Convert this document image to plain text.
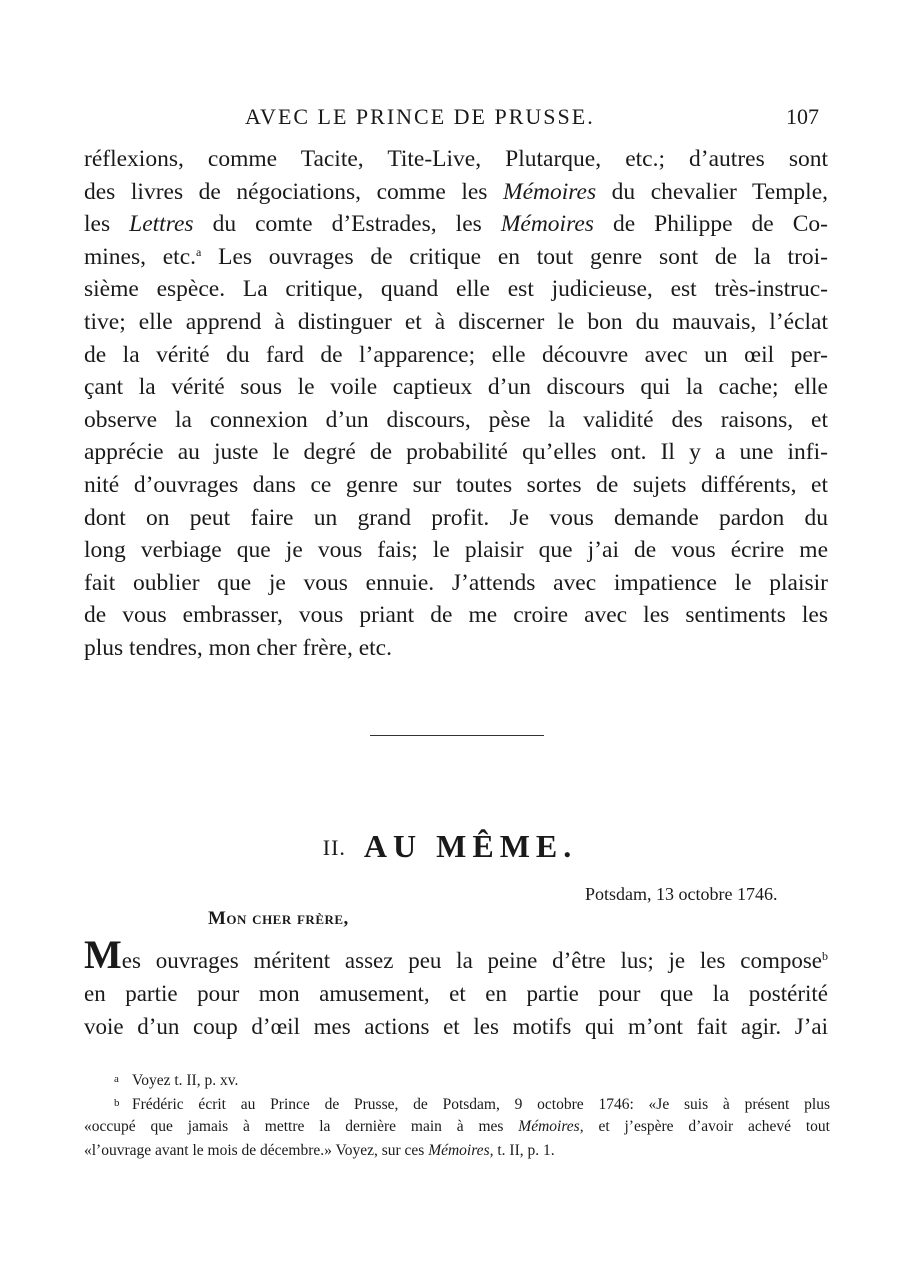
AVEC LE PRINCE DE PRUSSE.	107
réflexions, comme Tacite, Tite-Live, Plutarque, etc.; d’autres sont
des livres de négociations, comme les Mémoires du chevalier Temple,
les Lettres du comte d’Estrades, les Mémoires de Philippe de Co-
mines, etc.$^a$ Les ouvrages de critique en tout genre sont de la troi-
sième espèce. La critique, quand elle est judicieuse, est très-instruc-
tive; elle apprend à distinguer et à discerner le bon du mauvais, l’éclat
de la vérité du fard de l’apparence; elle découvre avec un œil per-
çant la vérité sous le voile captieux d’un discours qui la cache; elle
observe la connexion d’un discours, pèse la validité des raisons, et
apprécie au juste le degré de probabilité qu’elles ont. Il y a une infi-
nité d’ouvrages dans ce genre sur toutes sortes de sujets différents, et
dont on peut faire un grand profit. Je vous demande pardon du
long verbiage que je vous fais; le plaisir que j’ai de vous écrire me
fait oublier que je vous ennuie. J’attends avec impatience le plaisir
de vous embrasser, vous priant de me croire avec les sentiments les
plus tendres, mon cher frère, etc.
II. AU MÊME.
Potsdam, 13 octobre 1746.
Mon cher frère,
Mes ouvrages méritent assez peu la peine d’être lus; je les compose$^b$
en partie pour mon amusement, et en partie pour que la postérité
voie d’un coup d’œil mes actions et les motifs qui m’ont fait agir. J’ai
a Voyez t. II, p. xv.
b Frédéric écrit au Prince de Prusse, de Potsdam, 9 octobre 1746: «Je suis à présent plus
«occupé que jamais à mettre la dernière main à mes Mémoires, et j’espère d’avoir achevé tout
«l’ouvrage avant le mois de décembre.» Voyez, sur ces Mémoires, t. II, p. 1.
